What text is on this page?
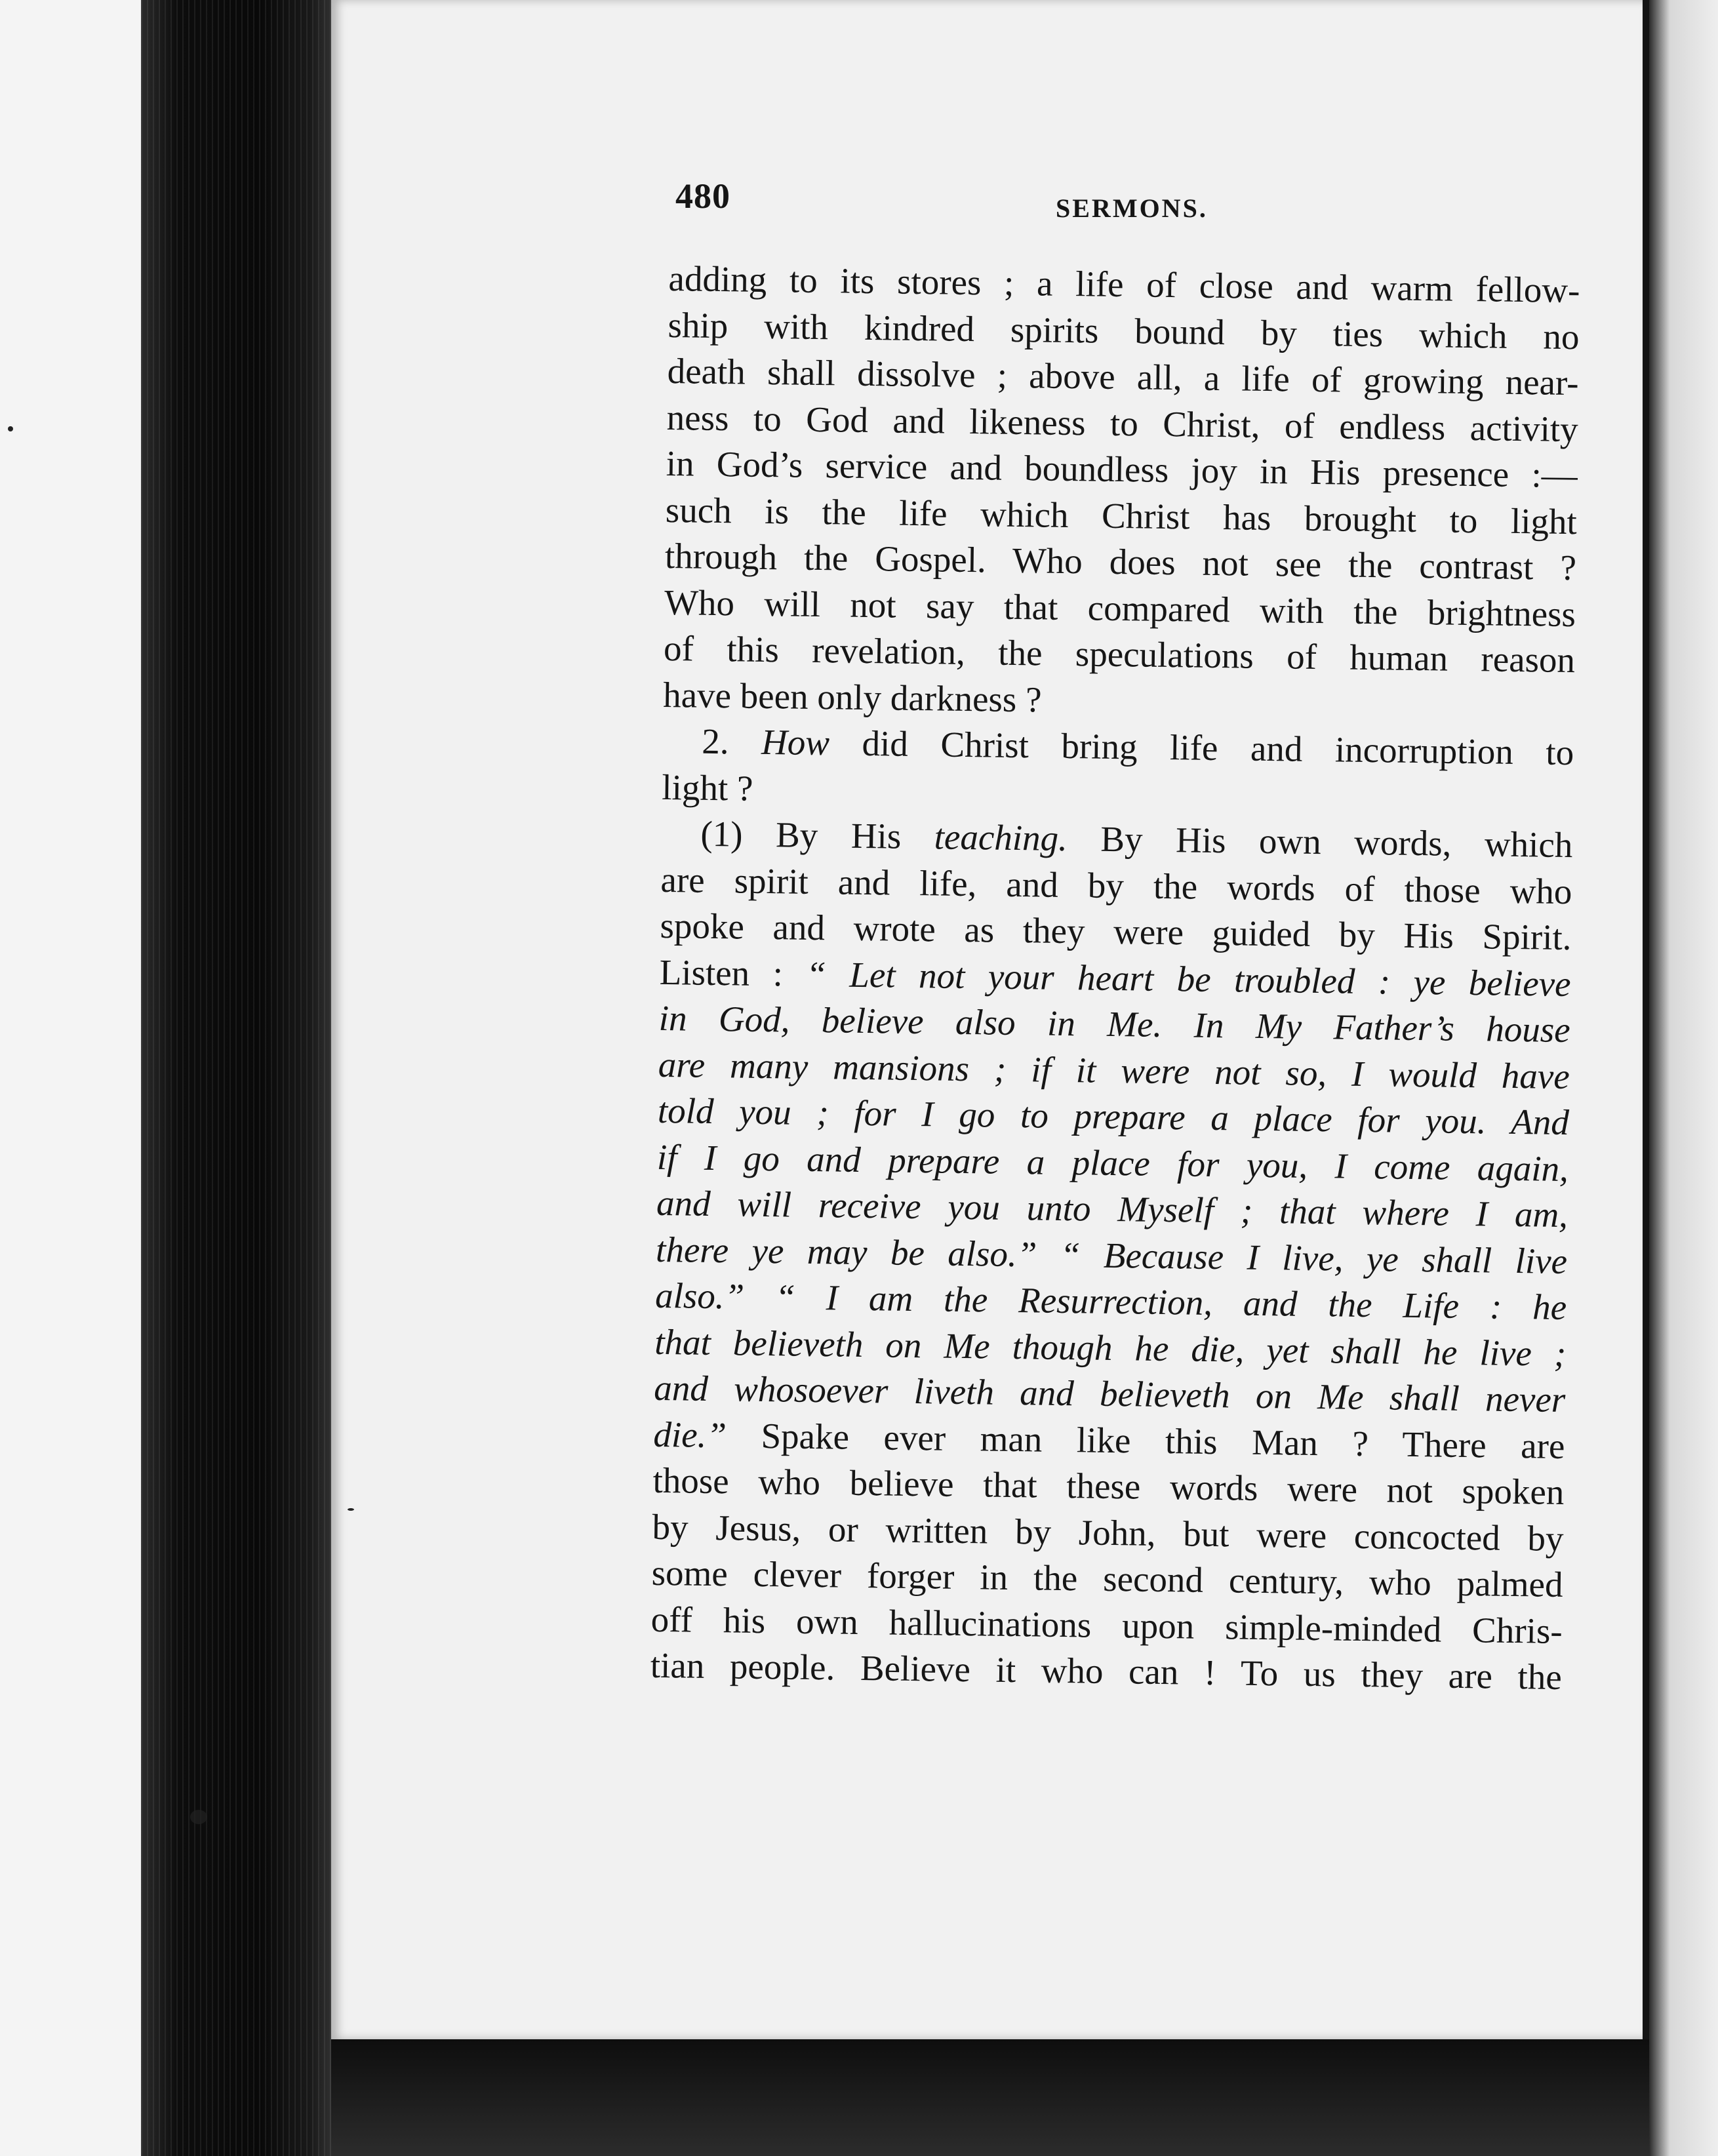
480	SERMONS.
adding to its stores ; a life of close and warm fellow-
ship with kindred spirits bound by ties which no
death shall dissolve ; above all, a life of growing near-
ness to God and likeness to Christ, of endless activity
in God’s service and boundless joy in His presence :—
such is the life which Christ has brought to light
through the Gospel. Who does not see the contrast ?
Who will not say that compared with the brightness
of this revelation, the speculations of human reason
have been only darkness ?
2. How did Christ bring life and incorruption to
light ?
(1) By His teaching. By His own words, which
are spirit and life, and by the words of those who
spoke and wrote as they were guided by His Spirit.
Listen : “ Let not your heart be troubled : ye believe
in God, believe also in Me. In My Father’s house
are many mansions ; if it were not so, I would have
told you ; for I go to prepare a place for you. And
if I go and prepare a place for you, I come again,
and will receive you unto Myself ; that where I am,
there ye may be also.” “ Because I live, ye shall live
also.” “ I am the Resurrection, and the Life : he
that believeth on Me though he die, yet shall he live ;
and whosoever liveth and believeth on Me shall never
die.” Spake ever man like this Man ? There are
those who believe that these words were not spoken
by Jesus, or written by John, but were concocted by
some clever forger in the second century, who palmed
off his own hallucinations upon simple-minded Chris-
tian people. Believe it who can ! To us they are the
